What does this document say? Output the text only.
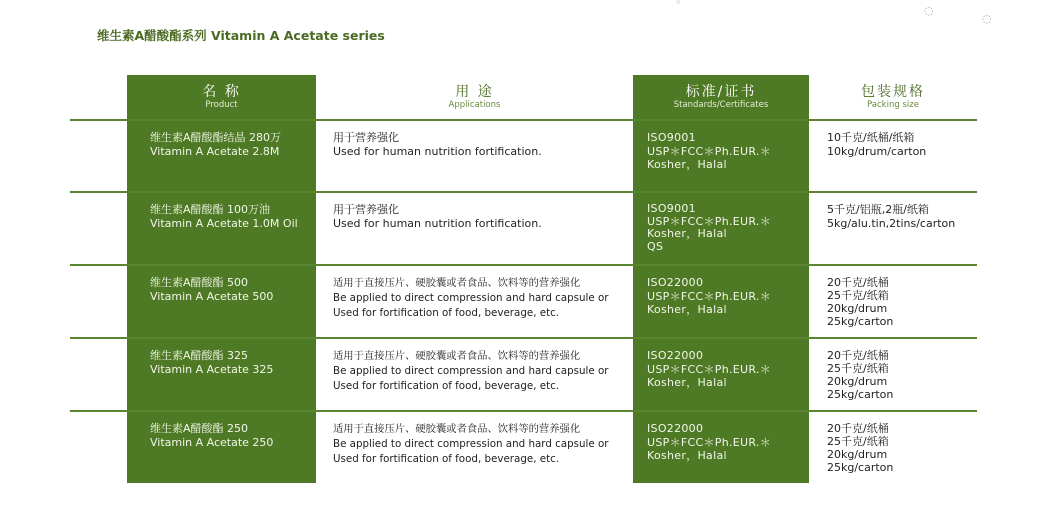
维生素A醋酸酯系列 Vitamin A Acetate series
◦
◌
◌
名 称
Product
用 途
Applications
标准/证书
Standards/Certificates
包装规格
Packing size
维生素A醋酸酯结晶 280万
Vitamin A Acetate 2.8M
用于营养强化
Used for human nutrition fortification.
ISO9001
USP＊FCC＊Ph.EUR.＊
Kosher，Halal
10千克/纸桶/纸箱
10kg/drum/carton
维生素A醋酸酯 100万油
Vitamin A Acetate 1.0M Oil
用于营养强化
Used for human nutrition fortification.
ISO9001
USP＊FCC＊Ph.EUR.＊
Kosher，Halal
QS
5千克/铝瓶,2瓶/纸箱
5kg/alu.tin,2tins/carton
维生素A醋酸酯 500
Vitamin A Acetate 500
适用于直接压片、硬胶囊或者食品、饮料等的营养强化
Be applied to direct compression and hard capsule or
Used for fortification of food, beverage, etc.
ISO22000
USP＊FCC＊Ph.EUR.＊
Kosher，Halal
20千克/纸桶
25千克/纸箱
20kg/drum
25kg/carton
维生素A醋酸酯 325
Vitamin A Acetate 325
适用于直接压片、硬胶囊或者食品、饮料等的营养强化
Be applied to direct compression and hard capsule or
Used for fortification of food, beverage, etc.
ISO22000
USP＊FCC＊Ph.EUR.＊
Kosher，Halal
20千克/纸桶
25千克/纸箱
20kg/drum
25kg/carton
维生素A醋酸酯 250
Vitamin A Acetate 250
适用于直接压片、硬胶囊或者食品、饮料等的营养强化
Be applied to direct compression and hard capsule or
Used for fortification of food, beverage, etc.
ISO22000
USP＊FCC＊Ph.EUR.＊
Kosher，Halal
20千克/纸桶
25千克/纸箱
20kg/drum
25kg/carton
